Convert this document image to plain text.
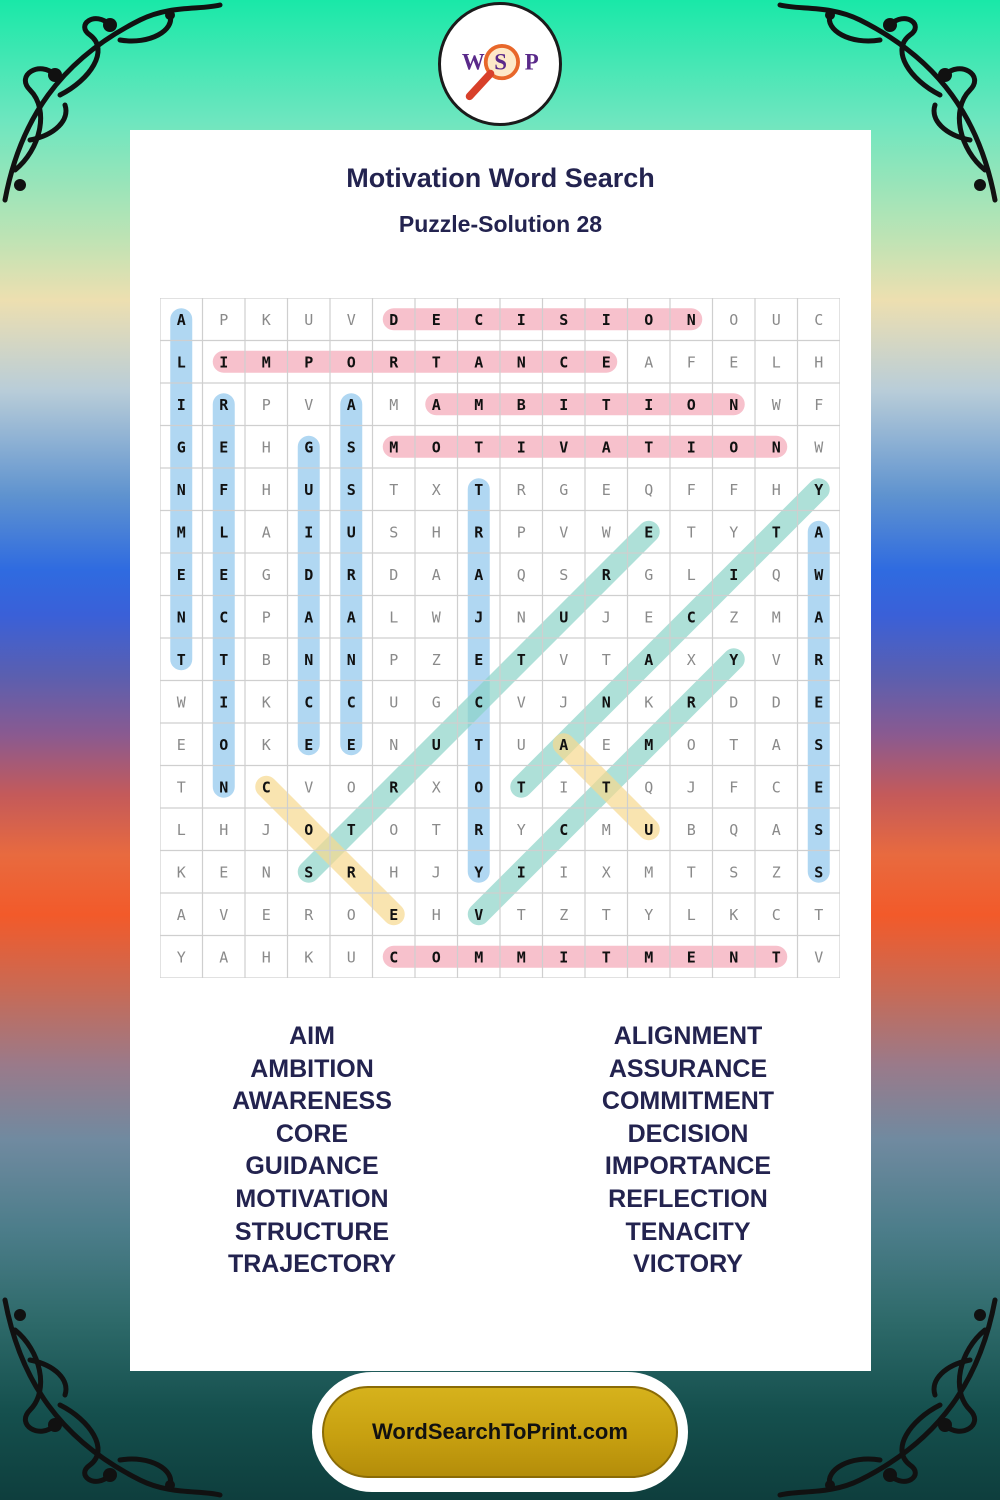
W S P
Motivation Word Search
Puzzle-Solution 28
A P K U V D E C I S I O N O U C
L I M P O R T A N C E A F E L H
I R P V A M A M B I T I O N W F
G E H G S M O T I V A T I O N W
N F H U S T X T R G E Q F F H Y
M L A I U S H R P V W E T Y T A
E E G D R D A A Q S R G L I Q W
N C P A A L W J N U J E C Z M A
T T B N N P Z E T V T A X Y V R
W I K C C U G C V J N K R D D E
E O K E E N U T U A E M O T A S
T N C V O R X O T I T Q J F C E
L H J O T O T R Y C M U B Q A S
K E N S R H J Y I I X M T S Z S
A V E R O E H V T Z T Y L K C T
Y A H K U C O M M I T M E N T V
AIM
AMBITION
AWARENESS
CORE
GUIDANCE
MOTIVATION
STRUCTURE
TRAJECTORY
ALIGNMENT
ASSURANCE
COMMITMENT
DECISION
IMPORTANCE
REFLECTION
TENACITY
VICTORY
WordSearchToPrint.com
